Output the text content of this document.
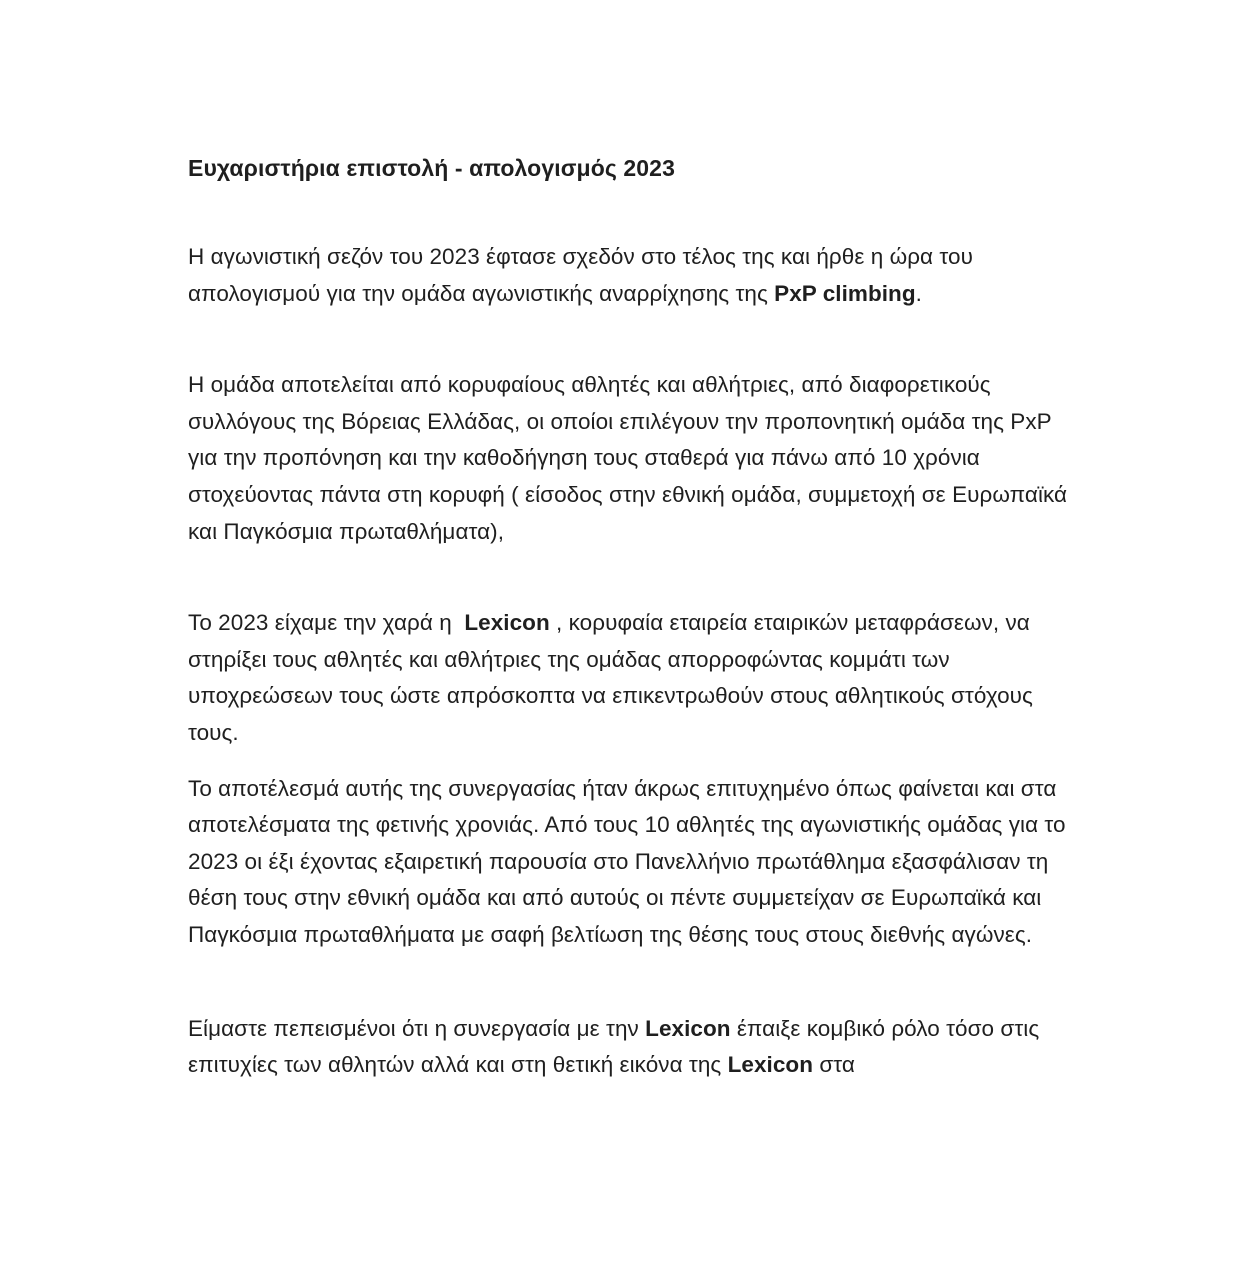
Ευχαριστήρια επιστολή - απολογισμός 2023

Η αγωνιστική σεζόν του 2023 έφτασε σχεδόν στο τέλος της και ήρθε η ώρα του απολογισμού για την ομάδα αγωνιστικής αναρρίχησης της PxP climbing.

Η ομάδα αποτελείται από κορυφαίους αθλητές και αθλήτριες, από διαφορετικούς συλλόγους της Βόρειας Ελλάδας, οι οποίοι επιλέγουν την προπονητική ομάδα της PxP για την προπόνηση και την καθοδήγηση τους σταθερά για πάνω από 10 χρόνια στοχεύοντας πάντα στη κορυφή ( είσοδος στην εθνική ομάδα, συμμετοχή σε Ευρωπαϊκά και Παγκόσμια πρωταθλήματα),

Το 2023 είχαμε την χαρά η  Lexicon , κορυφαία εταιρεία εταιρικών μεταφράσεων, να στηρίξει τους αθλητές και αθλήτριες της ομάδας απορροφώντας κομμάτι των υποχρεώσεων τους ώστε απρόσκοπτα να επικεντρωθούν στους αθλητικούς στόχους τους.

Το αποτέλεσμά αυτής της συνεργασίας ήταν άκρως επιτυχημένο όπως φαίνεται και στα αποτελέσματα της φετινής χρονιάς. Από τους 10 αθλητές της αγωνιστικής ομάδας για το 2023 οι έξι έχοντας εξαιρετική παρουσία στο Πανελλήνιο πρωτάθλημα εξασφάλισαν τη θέση τους στην εθνική ομάδα και από αυτούς οι πέντε συμμετείχαν σε Ευρωπαϊκά και Παγκόσμια πρωταθλήματα με σαφή βελτίωση της θέσης τους στους διεθνής αγώνες.

Είμαστε πεπεισμένοι ότι η συνεργασία με την Lexicon έπαιξε κομβικό ρόλο τόσο στις επιτυχίες των αθλητών αλλά και στη θετική εικόνα της Lexicon στα
